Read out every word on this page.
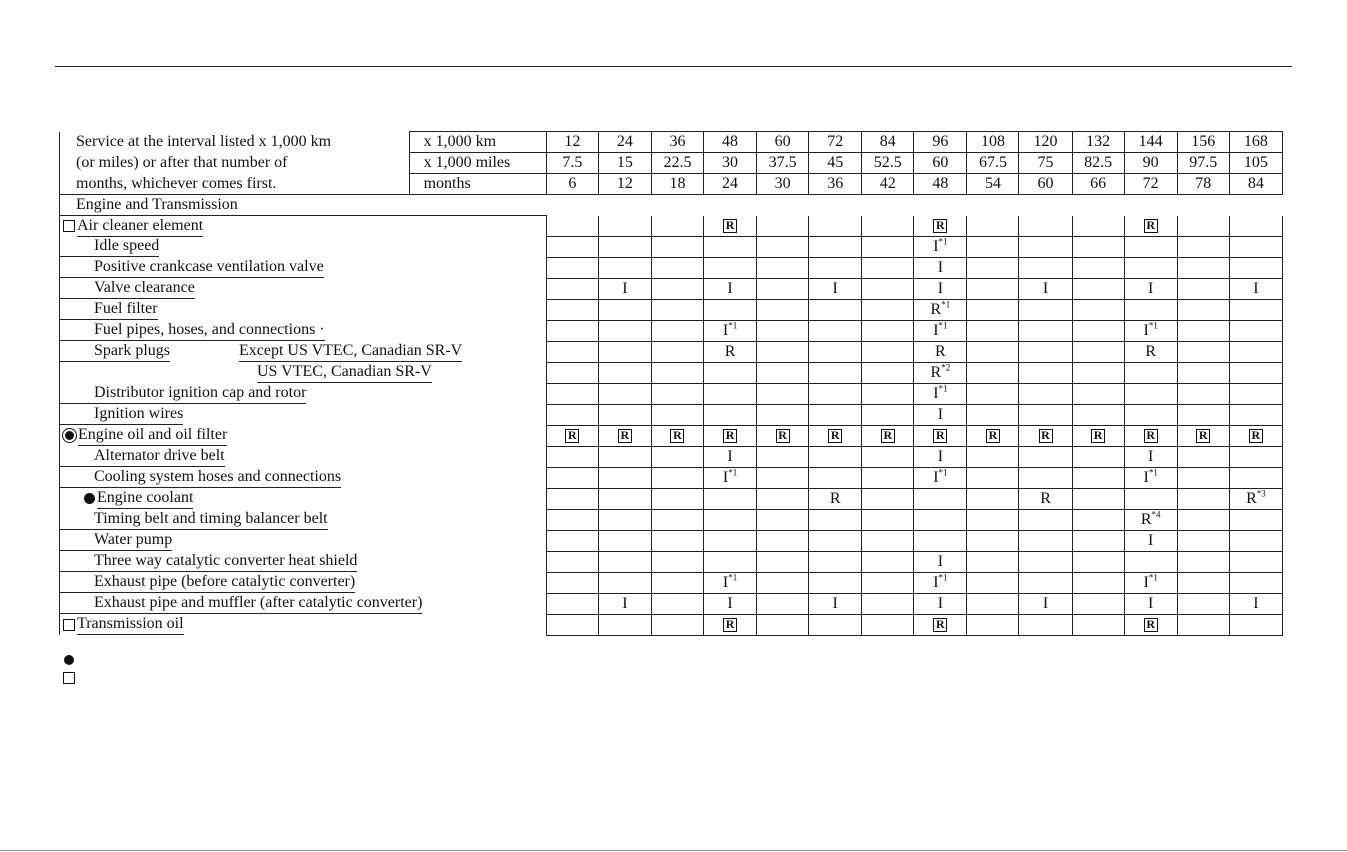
Service at the interval listed x 1,000 km	x 1,000 km	12	24	36	48	60	72	84	96	108	120	132	144	156	168
(or miles) or after that number of	x 1,000 miles	7.5	15	22.5	30	37.5	45	52.5	60	67.5	75	82.5	90	97.5	105
months, whichever comes first.	months	6	12	18	24	30	36	42	48	54	60	66	72	78	84
Engine and Transmission															

Air cleaner element					R				R				R		

Idle speed									$I^{*1}$						

Positive crankcase ventilation valve									I						

Valve clearance			I		I		I		I		I		I		I

Fuel filter									$R^{*1}$						

Fuel pipes, hoses, and connections ·					$I^{*1}$				$I^{*1}$				$I^{*1}$		

Spark plugs Except US VTEC, Canadian SR-V					R				R				R		

US VTEC, Canadian SR-V									$R^{*2}$						

Distributor ignition cap and rotor									$I^{*1}$						

Ignition wires									I						

Engine oil and oil filter		R	R	R	R	R	R	R	R	R	R	R	R	R	R

Alternator drive belt					I				I				I		

Cooling system hoses and connections					$I^{*1}$				$I^{*1}$				$I^{*1}$		

Engine coolant							R				R				$R^{*3}$

Timing belt and timing balancer belt													$R^{*4}$		

Water pump													I		

Three way catalytic converter heat shield									I						

Exhaust pipe (before catalytic converter)					$I^{*1}$				$I^{*1}$				$I^{*1}$		

Exhaust pipe and muffler (after catalytic converter)			I		I		I		I		I		I		I

Transmission oil					R				R				R		
